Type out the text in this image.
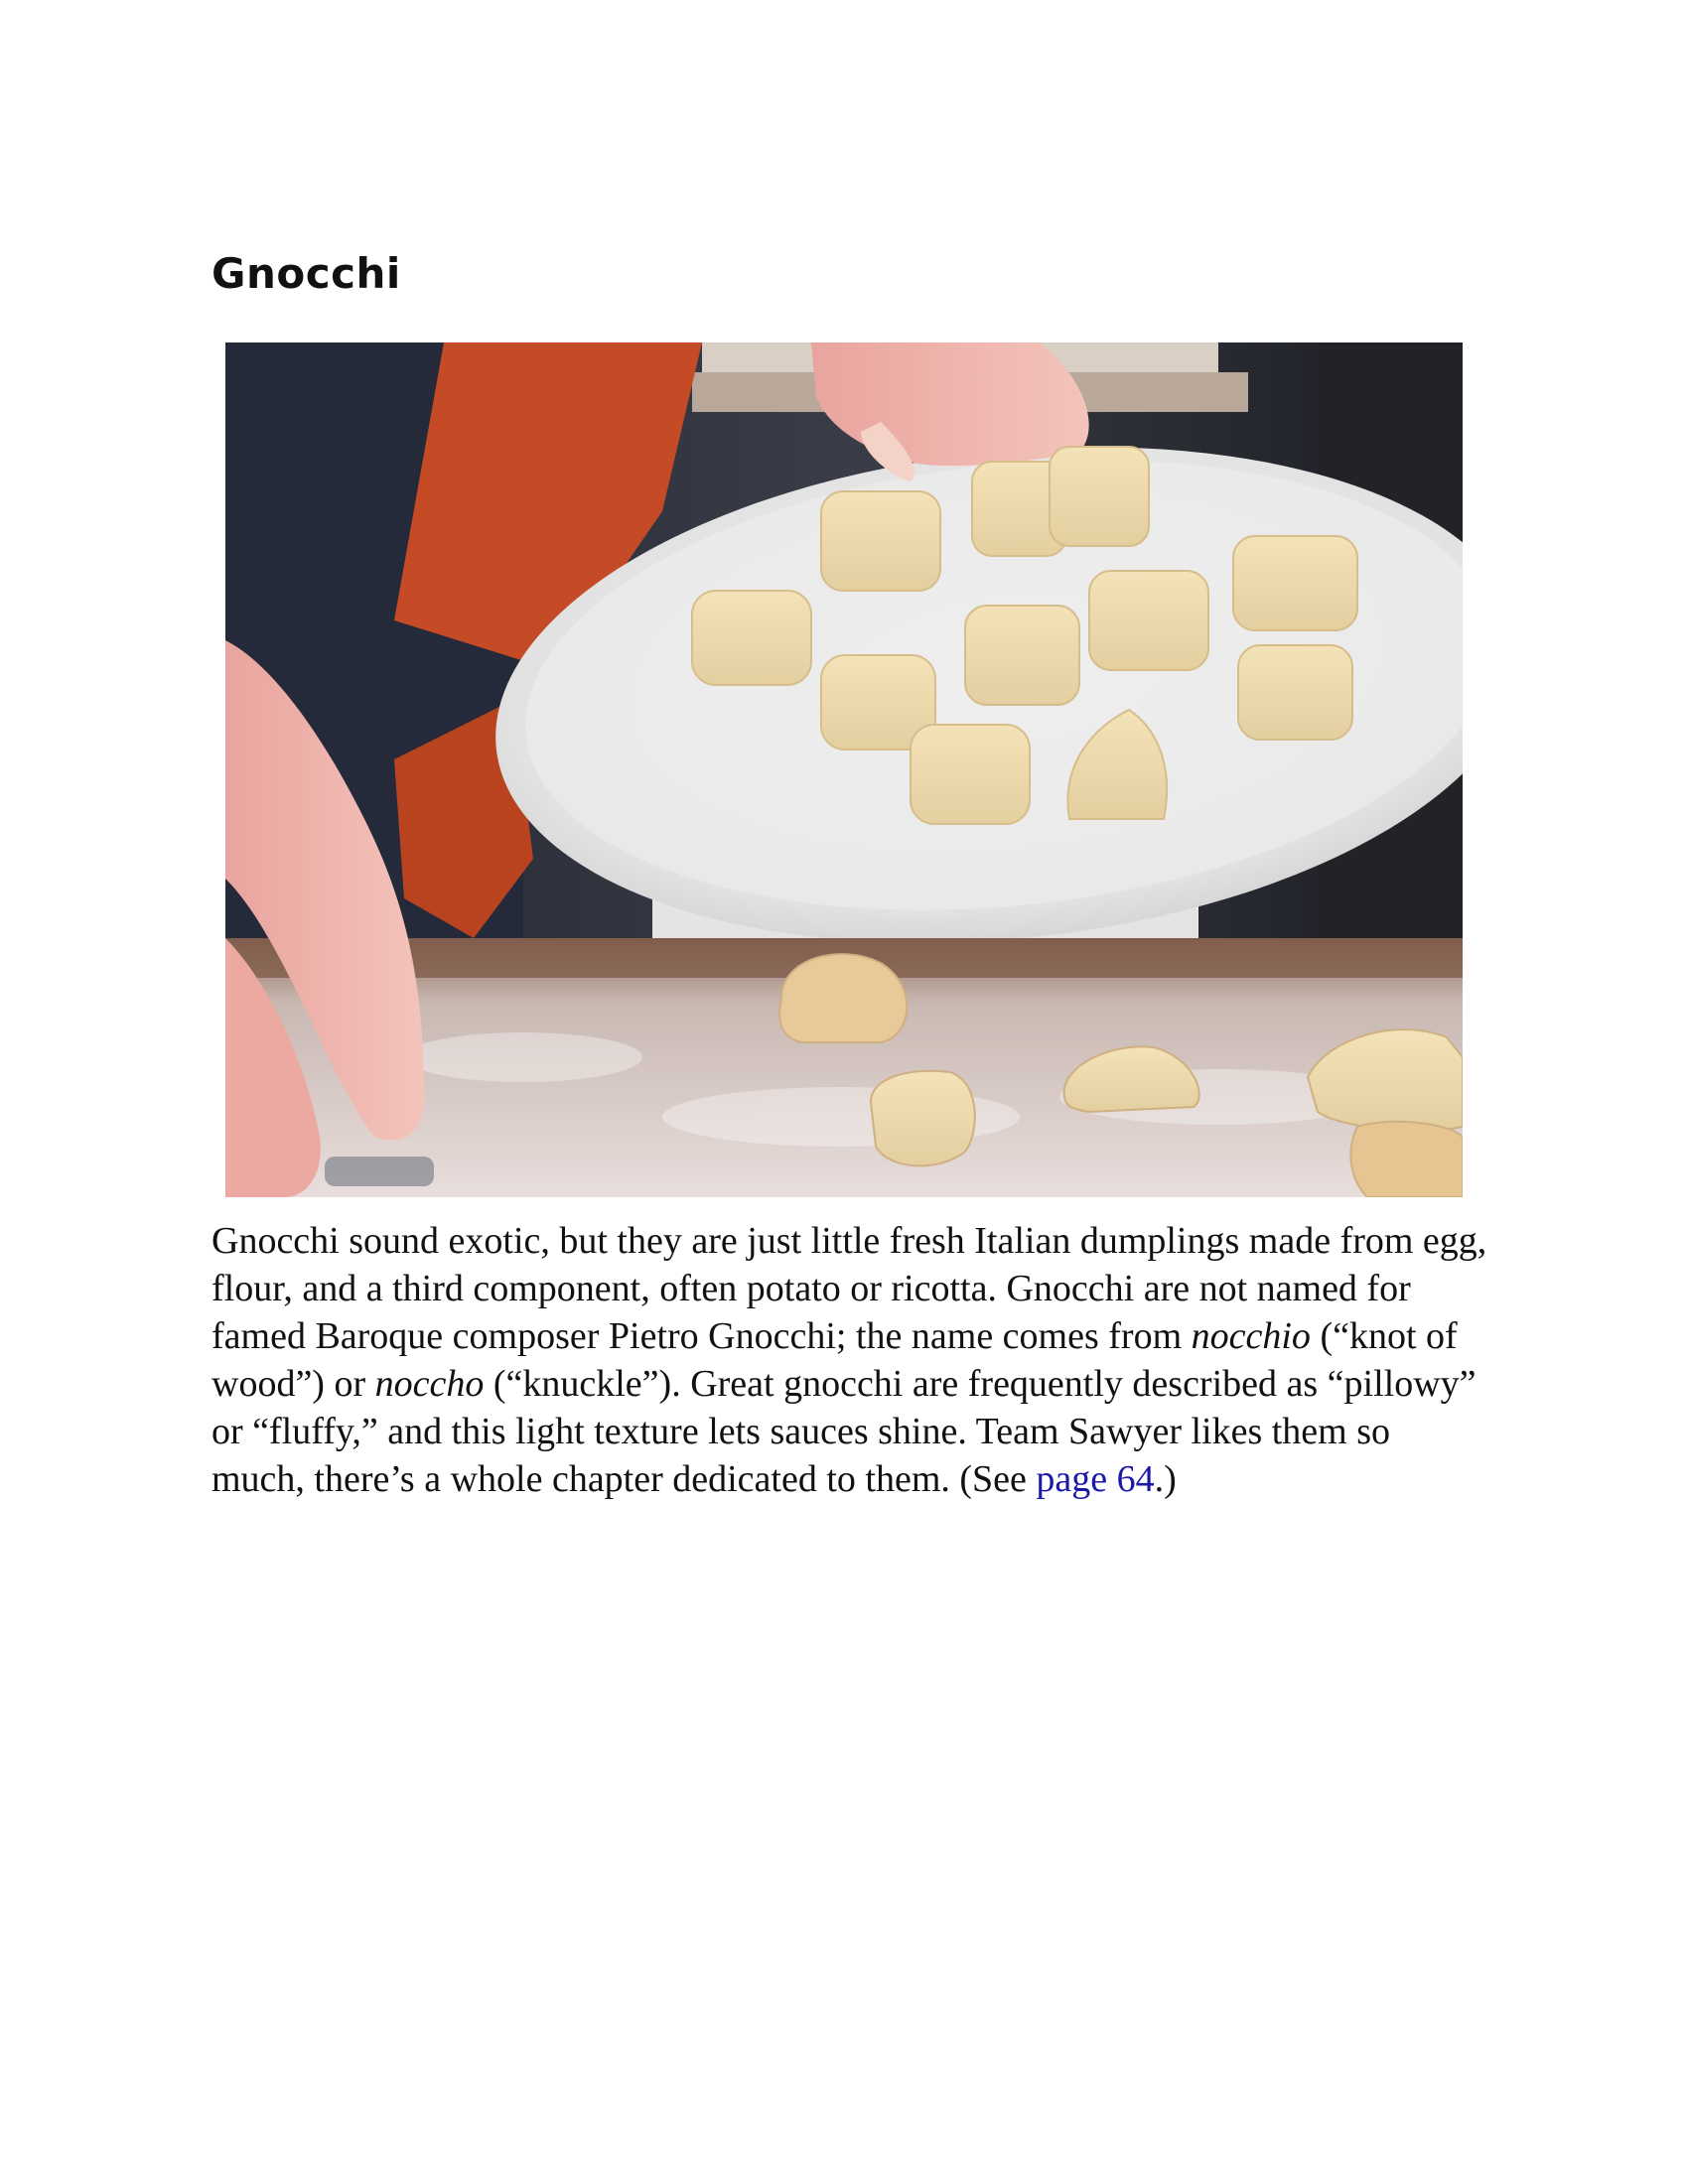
Gnocchi

Gnocchi sound exotic, but they are just little fresh Italian dumplings made from egg, flour, and a third component, often potato or ricotta. Gnocchi are not named for famed Baroque composer Pietro Gnocchi; the name comes from nocchio (“knot of wood”) or noccho (“knuckle”). Great gnocchi are frequently described as “pillowy” or “fluffy,” and this light texture lets sauces shine. Team Sawyer likes them so much, there’s a whole chapter dedicated to them. (See page 64.)
